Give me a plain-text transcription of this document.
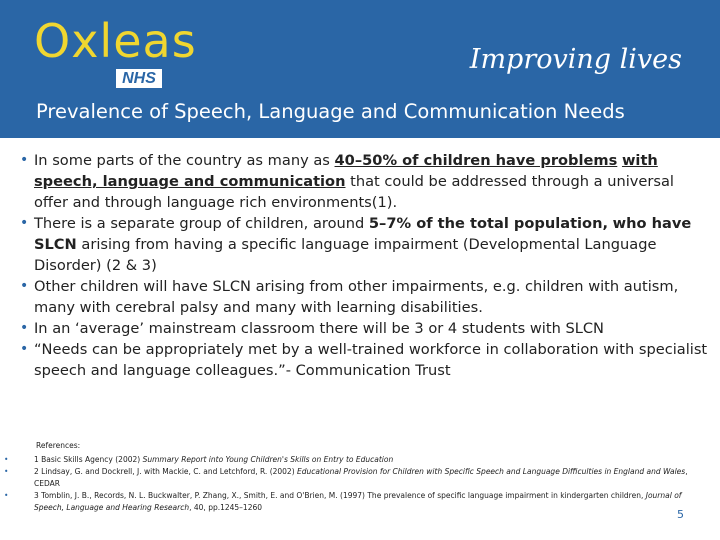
Oxleas
NHS
Improving lives
Prevalence of Speech, Language and Communication Needs
• In some parts of the country as many as 40–50% of children have problems with speech, language and communication that could be addressed through a universal offer and through language rich environments(1).
• There is a separate group of children, around 5–7% of the total population, who have SLCN arising from having a specific language impairment (Developmental Language Disorder) (2 & 3)
• Other children will have SLCN arising from other impairments, e.g. children with autism, many with cerebral palsy and many with learning disabilities.
• In an ‘average’ mainstream classroom there will be 3 or 4 students with SLCN
• “Needs can be appropriately met by a well-trained workforce in collaboration with specialist speech and language colleagues.”- Communication Trust
References:
•	1 Basic Skills Agency (2002) Summary Report into Young Children's Skills on Entry to Education
•	2 Lindsay, G. and Dockrell, J. with Mackie, C. and Letchford, R. (2002) Educational Provision for Children with Specific Speech and Language Difficulties in England and Wales, CEDAR
•	3 Tomblin, J. B., Records, N. L. Buckwalter, P. Zhang, X., Smith, E. and O'Brien, M. (1997) The prevalence of specific language impairment in kindergarten children, Journal of Speech, Language and Hearing Research, 40, pp.1245–1260
5
